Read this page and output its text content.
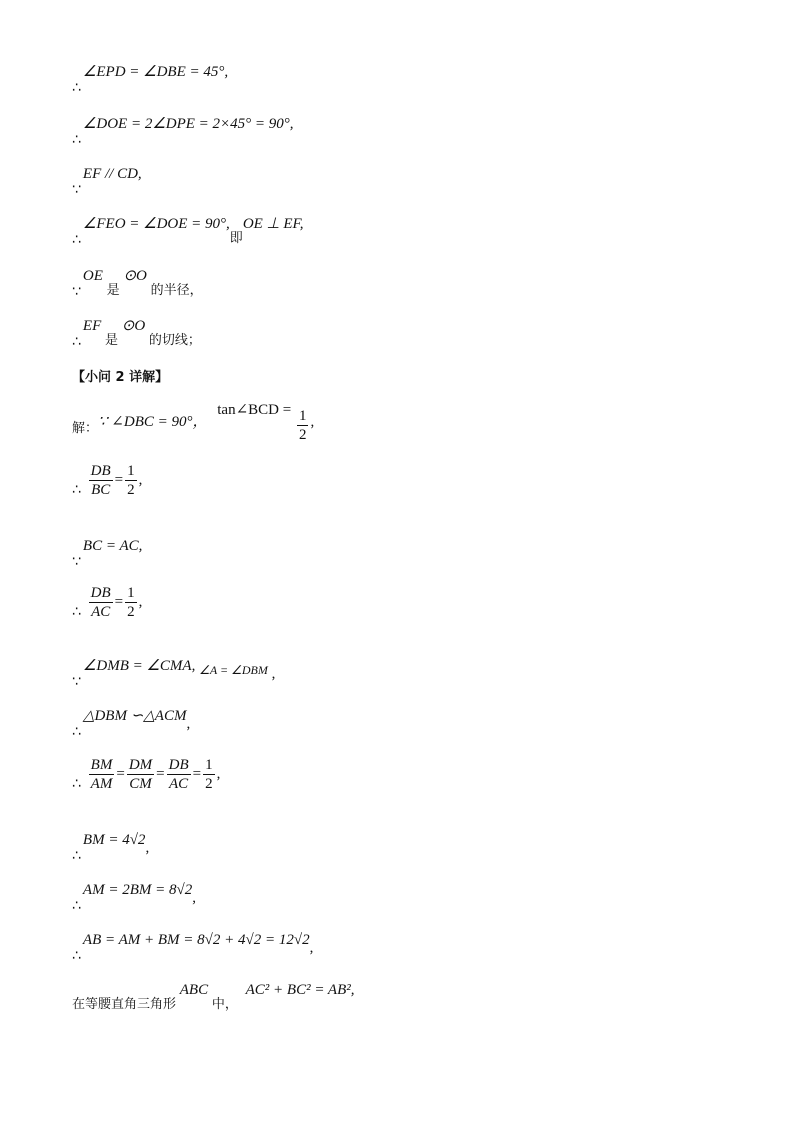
∴∠EPD = ∠DBE = 45°,
∴∠DOE = 2∠DPE = 2×45° = 90°,
∵EF // CD,
∴∠FEO = ∠DOE = 90°,即OE ⊥ EF,
∵OE 是 ⊙O 的半径，
∴EF 是 ⊙O 的切线；
【小问 2 详解】
解：∵ ∠DBC = 90°， tan∠BCD = $\frac{1}{2}$ ,
∴ $\frac{DB}{BC} = \frac{1}{2}$ ,
∵BC = AC,
∴ $\frac{DB}{AC} = \frac{1}{2}$ ,
∵∠DMB = ∠CMA, ∠A = ∠DBM ,
∴△DBM ∽△ACM,
∴ $\frac{BM}{AM} = \frac{DM}{CM} = \frac{DB}{AC} = \frac{1}{2}$ ,
∴BM = 4√2,
∴AM = 2BM = 8√2,
∴AB = AM + BM = 8√2 + 4√2 = 12√2,
在等腰直角三角形 ABC 中， AC² + BC² = AB²,
